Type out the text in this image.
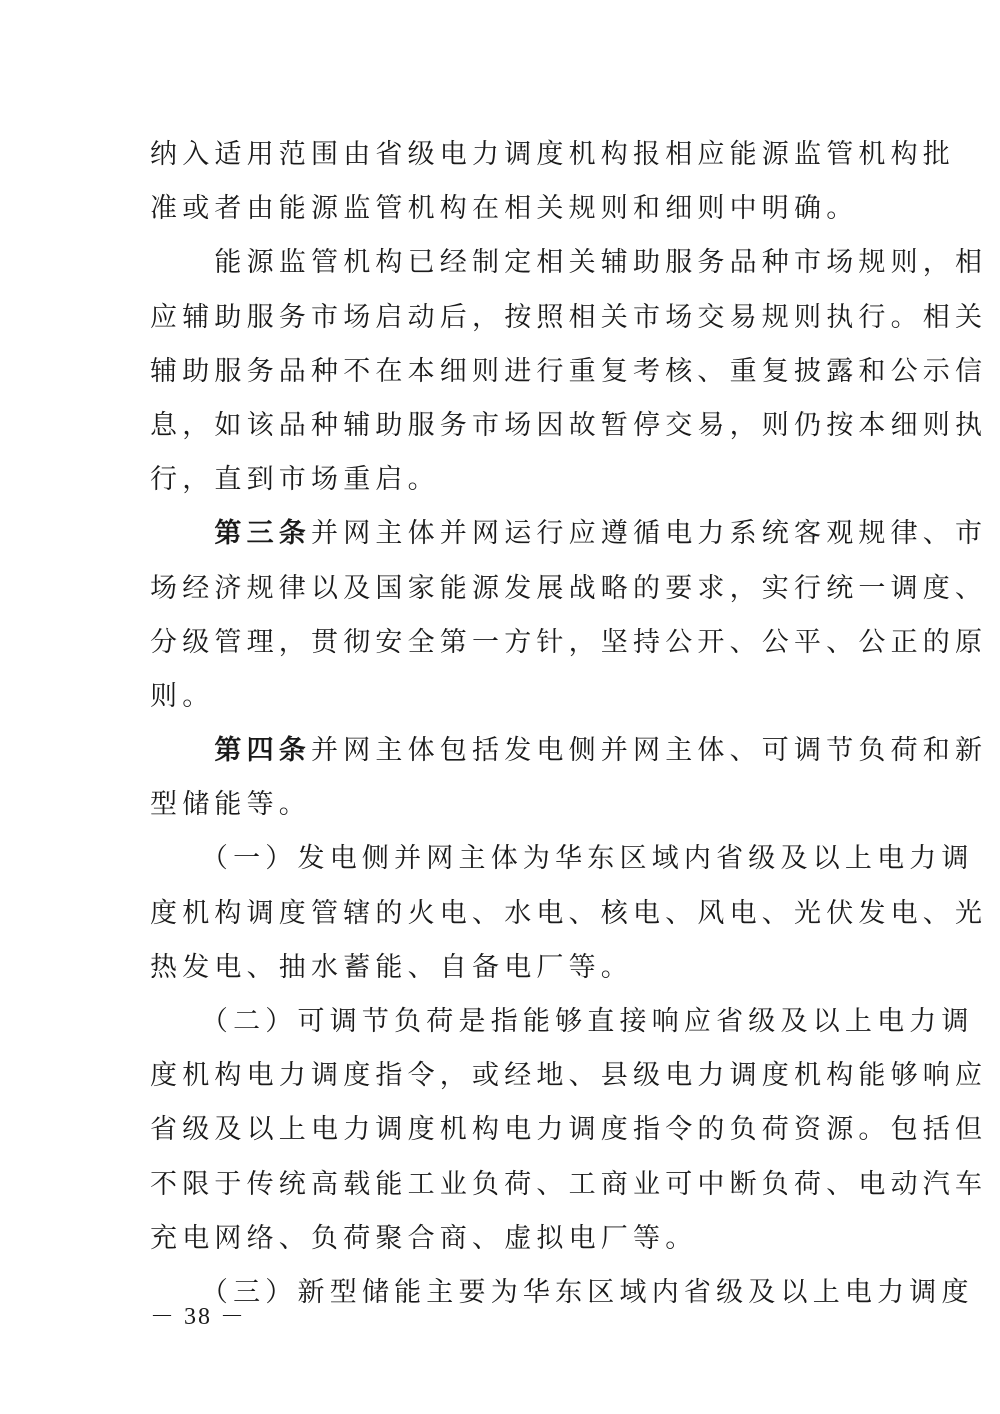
纳入适用范围由省级电力调度机构报相应能源监管机构批
准或者由能源监管机构在相关规则和细则中明确。
　　能源监管机构已经制定相关辅助服务品种市场规则，相
应辅助服务市场启动后，按照相关市场交易规则执行。相关
辅助服务品种不在本细则进行重复考核、重复披露和公示信
息，如该品种辅助服务市场因故暂停交易，则仍按本细则执
行，直到市场重启。
　　第三条并网主体并网运行应遵循电力系统客观规律、市
场经济规律以及国家能源发展战略的要求，实行统一调度、
分级管理，贯彻安全第一方针，坚持公开、公平、公正的原
则。
　　第四条并网主体包括发电侧并网主体、可调节负荷和新
型储能等。
　　（一）发电侧并网主体为华东区域内省级及以上电力调
度机构调度管辖的火电、水电、核电、风电、光伏发电、光
热发电、抽水蓄能、自备电厂等。
　　（二）可调节负荷是指能够直接响应省级及以上电力调
度机构电力调度指令，或经地、县级电力调度机构能够响应
省级及以上电力调度机构电力调度指令的负荷资源。包括但
不限于传统高载能工业负荷、工商业可中断负荷、电动汽车
充电网络、负荷聚合商、虚拟电厂等。
　　（三）新型储能主要为华东区域内省级及以上电力调度
－ 38 －
